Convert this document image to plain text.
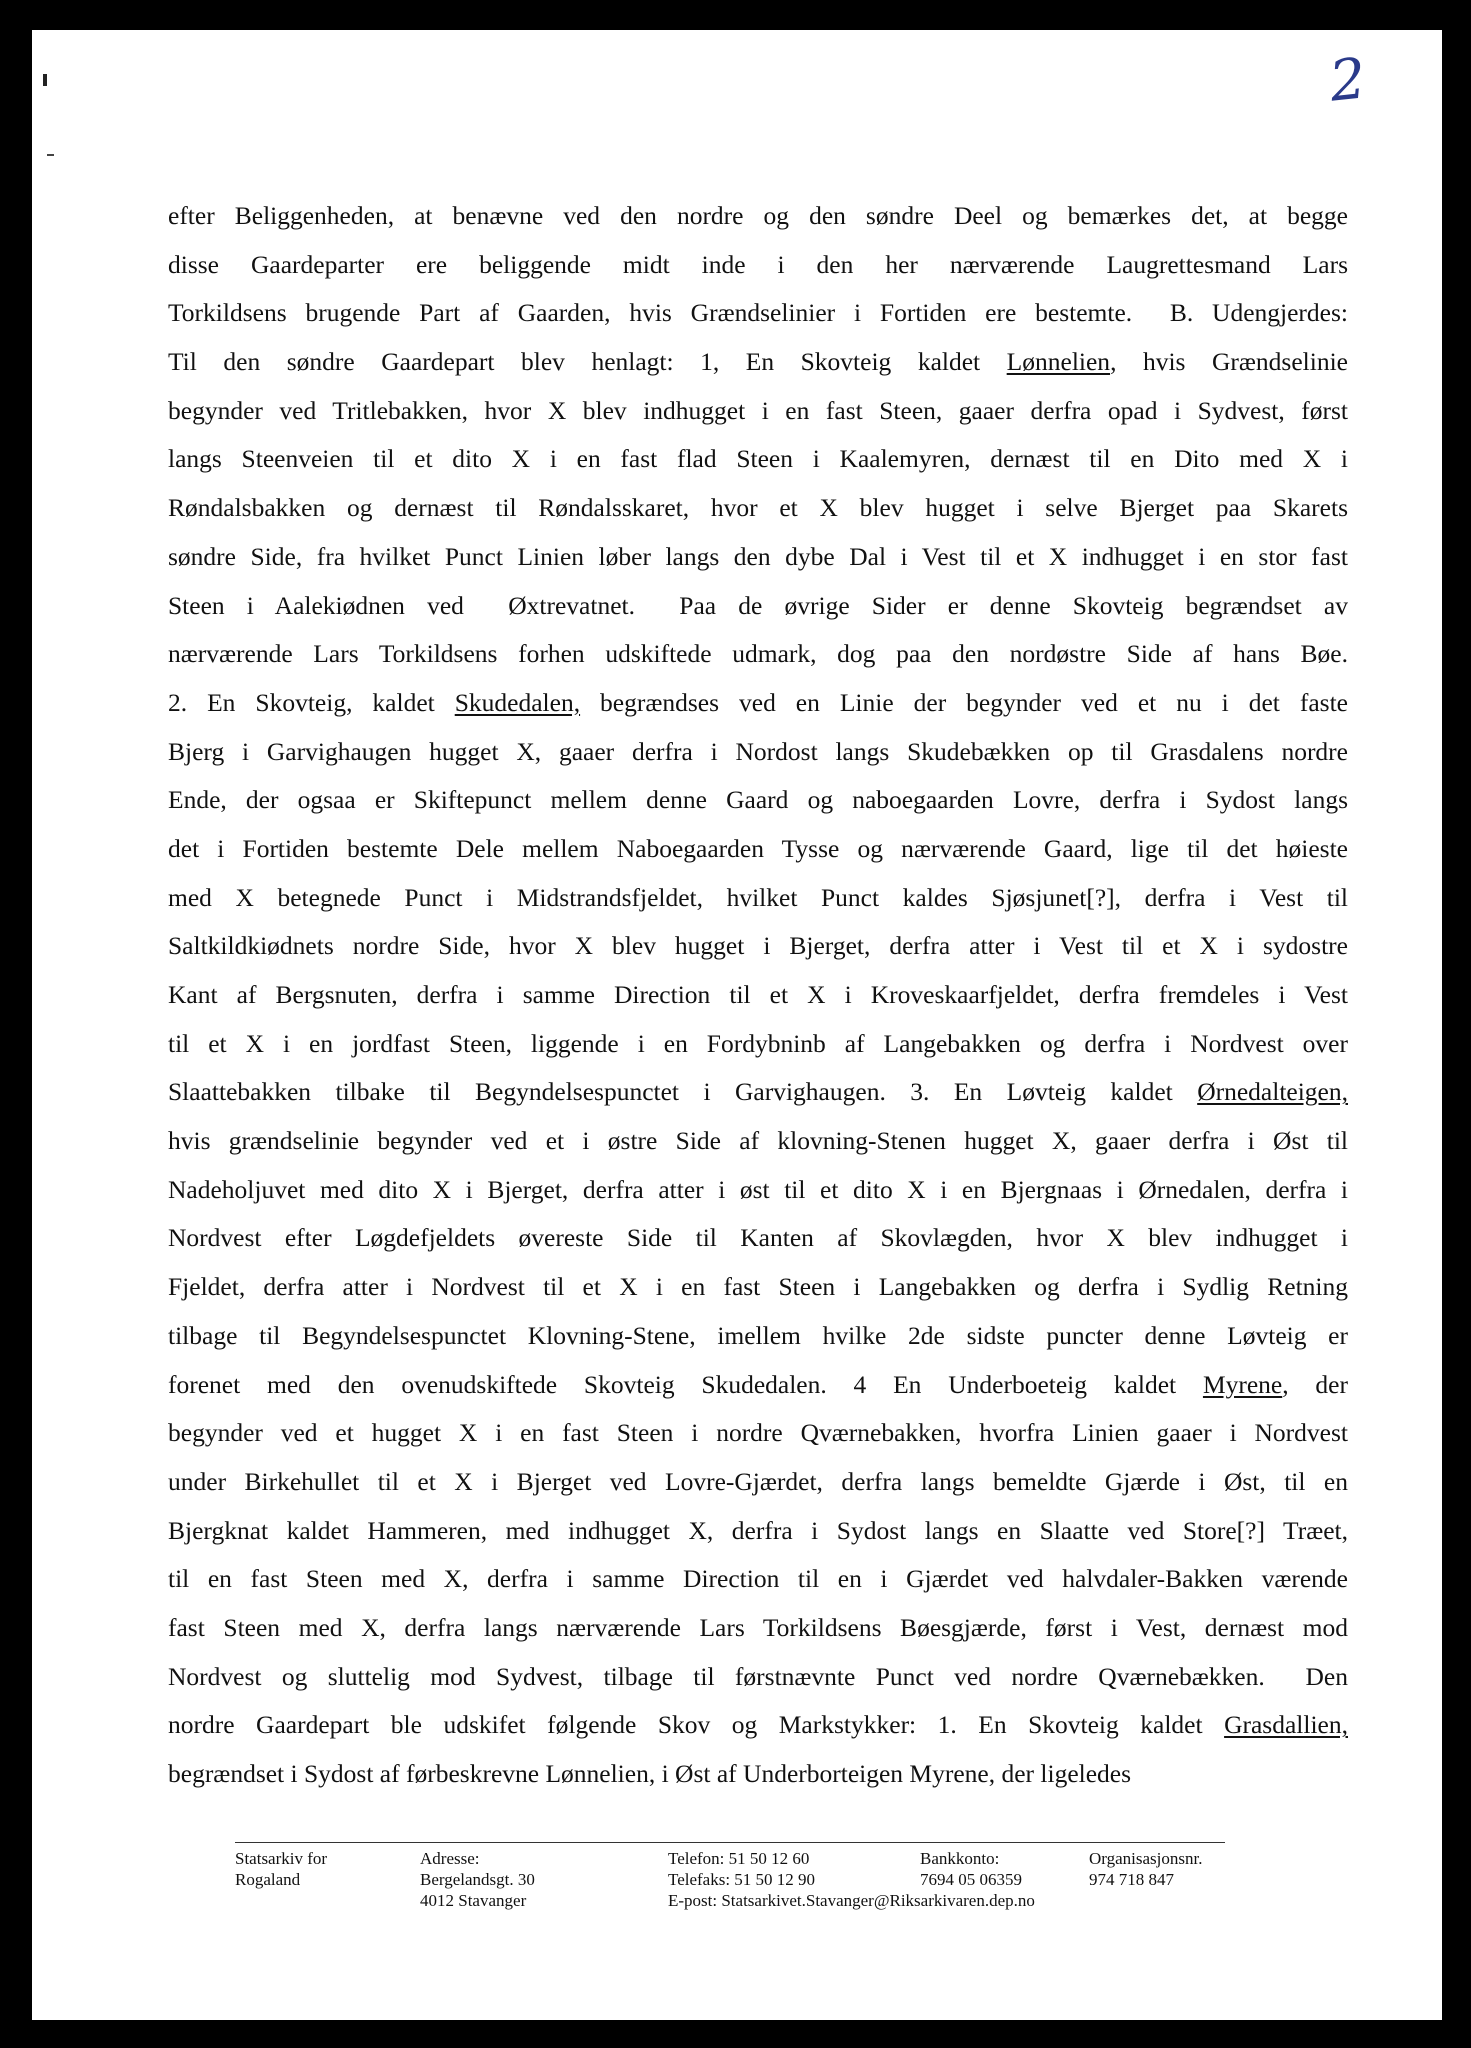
2
efter Beliggenheden, at benævne ved den nordre og den søndre Deel og bemærkes det, at begge
disse Gaardeparter ere beliggende midt inde i den her nærværende Laugrettesmand Lars
Torkildsens brugende Part af Gaarden, hvis Grændselinier i Fortiden ere bestemte.  B. Udengjerdes:
Til den søndre Gaardepart blev henlagt: 1, En Skovteig kaldet Lønnelien, hvis Grændselinie
begynder ved Tritlebakken, hvor X blev indhugget i en fast Steen, gaaer derfra opad i Sydvest, først
langs Steenveien til et dito X i en fast flad Steen i Kaalemyren, dernæst til en Dito med X i
Røndalsbakken og dernæst til Røndalsskaret, hvor et X blev hugget i selve Bjerget paa Skarets
søndre Side, fra hvilket Punct Linien løber langs den dybe Dal i Vest til et X indhugget i en stor fast
Steen i Aalekiødnen ved  Øxtrevatnet.  Paa de øvrige Sider er denne Skovteig begrændset av
nærværende Lars Torkildsens forhen udskiftede udmark, dog paa den nordøstre Side af hans Bøe.
2. En Skovteig, kaldet Skudedalen, begrændses ved en Linie der begynder ved et nu i det faste
Bjerg i Garvighaugen hugget X, gaaer derfra i Nordost langs Skudebækken op til Grasdalens nordre
Ende, der ogsaa er Skiftepunct mellem denne Gaard og naboegaarden Lovre, derfra i Sydost langs
det i Fortiden bestemte Dele mellem Naboegaarden Tysse og nærværende Gaard, lige til det høieste
med X betegnede Punct i Midstrandsfjeldet, hvilket Punct kaldes Sjøsjunet[?], derfra i Vest til
Saltkildkiødnets nordre Side, hvor X blev hugget i Bjerget, derfra atter i Vest til et X i sydostre
Kant af Bergsnuten, derfra i samme Direction til et X i Kroveskaarfjeldet, derfra fremdeles i Vest
til et X i en jordfast Steen, liggende i en Fordybninb af Langebakken og derfra i Nordvest over
Slaattebakken tilbake til Begyndelsespunctet i Garvighaugen. 3. En Løvteig kaldet Ørnedalteigen,
hvis grændselinie begynder ved et i østre Side af klovning-Stenen hugget X, gaaer derfra i Øst til
Nadeholjuvet med dito X i Bjerget, derfra atter i øst til et dito X i en Bjergnaas i Ørnedalen, derfra i
Nordvest efter Løgdefjeldets øvereste Side til Kanten af Skovlægden, hvor X blev indhugget i
Fjeldet, derfra atter i Nordvest til et X i en fast Steen i Langebakken og derfra i Sydlig Retning
tilbage til Begyndelsespunctet Klovning-Stene, imellem hvilke 2de sidste puncter denne Løvteig er
forenet med den ovenudskiftede Skovteig Skudedalen. 4 En Underboeteig kaldet Myrene, der
begynder ved et hugget X i en fast Steen i nordre Qværnebakken, hvorfra Linien gaaer i Nordvest
under Birkehullet til et X i Bjerget ved Lovre-Gjærdet, derfra langs bemeldte Gjærde i Øst, til en
Bjergknat kaldet Hammeren, med indhugget X, derfra i Sydost langs en Slaatte ved Store[?] Træet,
til en fast Steen med X, derfra i samme Direction til en i Gjærdet ved halvdaler-Bakken værende
fast Steen med X, derfra langs nærværende Lars Torkildsens Bøesgjærde, først i Vest, dernæst mod
Nordvest og sluttelig mod Sydvest, tilbage til førstnævnte Punct ved nordre Qværnebækken.  Den
nordre Gaardepart ble udskifet følgende Skov og Markstykker: 1. En Skovteig kaldet Grasdallien,
begrændset i Sydost af førbeskrevne Lønnelien, i Øst af Underborteigen Myrene, der ligeledes
Statsarkiv for
Rogaland
Adresse:
Bergelandsgt. 30
4012 Stavanger
Telefon: 51 50 12 60
Telefaks: 51 50 12 90
E-post: Statsarkivet.Stavanger@Riksarkivaren.dep.no
Bankkonto:
7694 05 06359
Organisasjonsnr.
974 718 847
